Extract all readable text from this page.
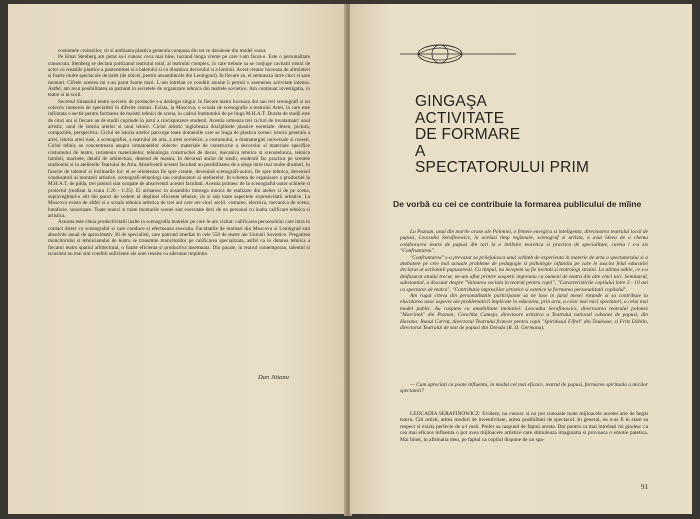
costumele croitorilor, cit si ambianta plastica generala compusa din tot ce daruieste din model vazut.

Pe Emar Stenberg am putut sa-l cunosc ceva mai bine, lucrand lunga vreme pe care l-am facut-o. Este o personalitate cunoscuta. Stenberg se declara partizanul teatrului total, al teatrului complex, in care trebuie sa se conjuge cavitatii rostul de actor cu creatiile plastice a pantomimei si a baletului si cu dinamica decorului si a luminii. Acest creator lucreaza de altminteri si foarte multe spectacole de balet (de obicei, pentru ansamblurile din Leningrad). In fiecare an, el semneaza intre cinci si sase montari. Cifrele acestea mi s-au parut foarte mari. L-am intrebat ce conditii anume ii permit o asemenea activitate intensa. Astfel, am avut posibilitatea sa patrund in secretele de organizare tehnica din teatrele sovietice. Am continuat investigatia, in teatre si la scoli.

Secretul rimasului teatru sovietic de productie s-a dezlegat singur. In fiecare teatru lucreaza doi sau trei scenografi si un colectiv numeros de specialisti in diferite ramuri. Exista, la Moscova, o scoala de scenografie a teatrului Artei, la care este infiintata o sectie pentru formarea de maistri tehnici de scena, in cadrul Institutului de pe linga M.H.A.T. Durata de studii este de cinci ani si fiecare an de studii cuprinde in jurul a cincisprezece studenti. Acestia urmeaza trei cicluri de invatamant: unul artistic, unul de istoria artelor si unul tehnic. Ciclul artistic inglobeaza disciplinele plastice esentiale: desen, pictura, compozitie, perspectiva. Ciclul de istoria artelor parcurge toate domeniile care se leaga de plastica scenei: istoria generala a artei, istoria artei ruse, a scenografiei, a teatrului de arta, a artei sovietice, a costumului, a dramaturgiei universale si rusesti. Ciclul tehnic se concentreaza asupra urmatoarelor obiecte: materiale de constructie a decorului si materiale specifice costumului de teatru, rezistenta materialelor, tehnologia constructiei de decor, mecanica tehnica si scenotehnica, tehnica luminii, machete, detalii de arhitectura, desenul de masini. In decursul anilor de studii, studentii fac practica pe scenele studioului si in atelierele Teatrului de Arta. Absolventii acestei facultati au posibilitatea de a alege intre mai multe drumuri, in functie de talentul si inclinarile lor: ei se orienteaza fie spre creatie, devenind scenografi-autori, fie spre tehnica, devenind conducatori ai montarii artistice, scenografi-tehnologi sau conducatori ai atelierelor. In schema de organizare a productiei la M.H.A.T. de pilda, trei posturi sint ocupate de absolventii acestei facultati. Acestia primesc de la scenograful-autor schitele si proiectul (realizat la scara 1:20 - 1:25). Ei urmaresc in ansamblu intreaga munca de realizare din atelier si de pe scena, supraveghind-o atit din punct de vedere al deplinei eficiente tehnice, cit si sub toate aspectele expresivitatii artistice. La Moscova exista de altfel si o scoala tehnica artistica de trei ani care are cinci sectii: costume, electrica, mecanica de scena, butaforie, sonorizare. Toate munci si toate montarile scenei sint executate deci de un personal cu inalta calificare tehnica si artistica.

Aceasta este cheia productivitatii inalte in scenografia teatrelor pe care le-am vizitat: calificarea personalului care intra in contact direct cu scenograful si care conduce si efectueaza executia. Facultatile de montari din Moscova si Leningrad sint absolvite anual de aproximativ 30 de specialisti, care patrund imediat in cele 550 de teatre ale Uniunii Sovietice. Pregatirea muncitorului si tehnicianului de teatru se transmite muncitorilor pe calificarea specializata, astfel ca in dotarea tehnica a fiecarui teatru spatiul arhitectural, o foarte eficienta si productiva insemnata. Din pacate, in teatrul contemporan, talentul si iscusinta nu mai sint conditii suficiente ale unei reusite cu adevarat implinite.

Dan Jitianu
GINGAŞA
ACTIVITATE
DE FORMARE
A
SPECTATORULUI PRIM
De vorbă cu cei ce contribuie la formarea publicului de mîine

La Poznan, unul din marile orase ale Poloniei, o femeie energica si inteligenta, directoarea teatrului local de papusi, Leocadia Serafinowicz, in acelasi timp regizoare, scenograf si artista, a avut ideea de a chema colaborarea teatre de papusi din tari la o intilnire teoretica si practica de specialitate, careia i s-a zis "Confruntarea".

"Confruntarea" s-a prevazut sa prilejuiasca unui schimb de experienta in materie de arta a spectatorului si a dezbatere pe cele mai actuale probleme de pedagogie si psihologie infantila pe care le suscita felul educatiei declarat al activitatii papusaresti. Cu timpul, nu incepem sa fie invitati si teatrologi straini. La ultima editie, ce s-a desfasurat anului trecut, ne-am aflat printre oaspetii impreuna cu oameni de teatru din alte cinci tari. Seminarul, substantial, a discutat despre "Valoarea sociala in teatrul pentru copii", "Caracteristicile copilului intre 3 - 10 ani ca spectator de teatru", "Contributia impresiilor artistice si estetice la formarea personalitatii copilului".

Am rugat citeva din personalitatile participante sa ne lase in jurul mesei rotunde si sa contribuie la elucidarea unor aspecte ale problematicii implicate in educarea, prin arta, a celor mai mici spectatori, a celui mai model public. Au raspuns cu amabilitate invitatiei: Leocadia Serafinowicz, directoarea teatrului polonez "Marcinek" din Poznan; Conchita Camejo, directoare artistica a Teatrului national cubanez de papusi, din Havana; Raoul Carrat, directorul Teatrului francez pentru copii "Spiridusul Fifrel" din Toulouse, si Fritz Döblin, directorul Teatrului de stat de papusi din Dresda (R. D. Germana).

— Cum apreciati ca poate influenta, in modul cel mai eficace, teatrul de papusi, formarea spirituala a micilor spectatori?

LEOCADIA SERAFINOWICZ: Evident, nu cunosc si nu pot cunoaste toate mijloacele acestei arte de begat teatru. Citi artisti, atitea moduri de inventivitate, atitea posibilitati de spectacol. In general, eu n-as fi in stare sa respect si exista perfecte de a-l rosti. Prefer sa raspund de faptul acesta. Dar pentru ca mai intrebati mi gindesc ca cea mai eficace influenta o pot avea mijloacele artistice care stimuleaza imaginatia si provoaca o emotie patetica. Mai binei, in afirmatia mea, pe faptul ca copilul dispune de un spa-

91
